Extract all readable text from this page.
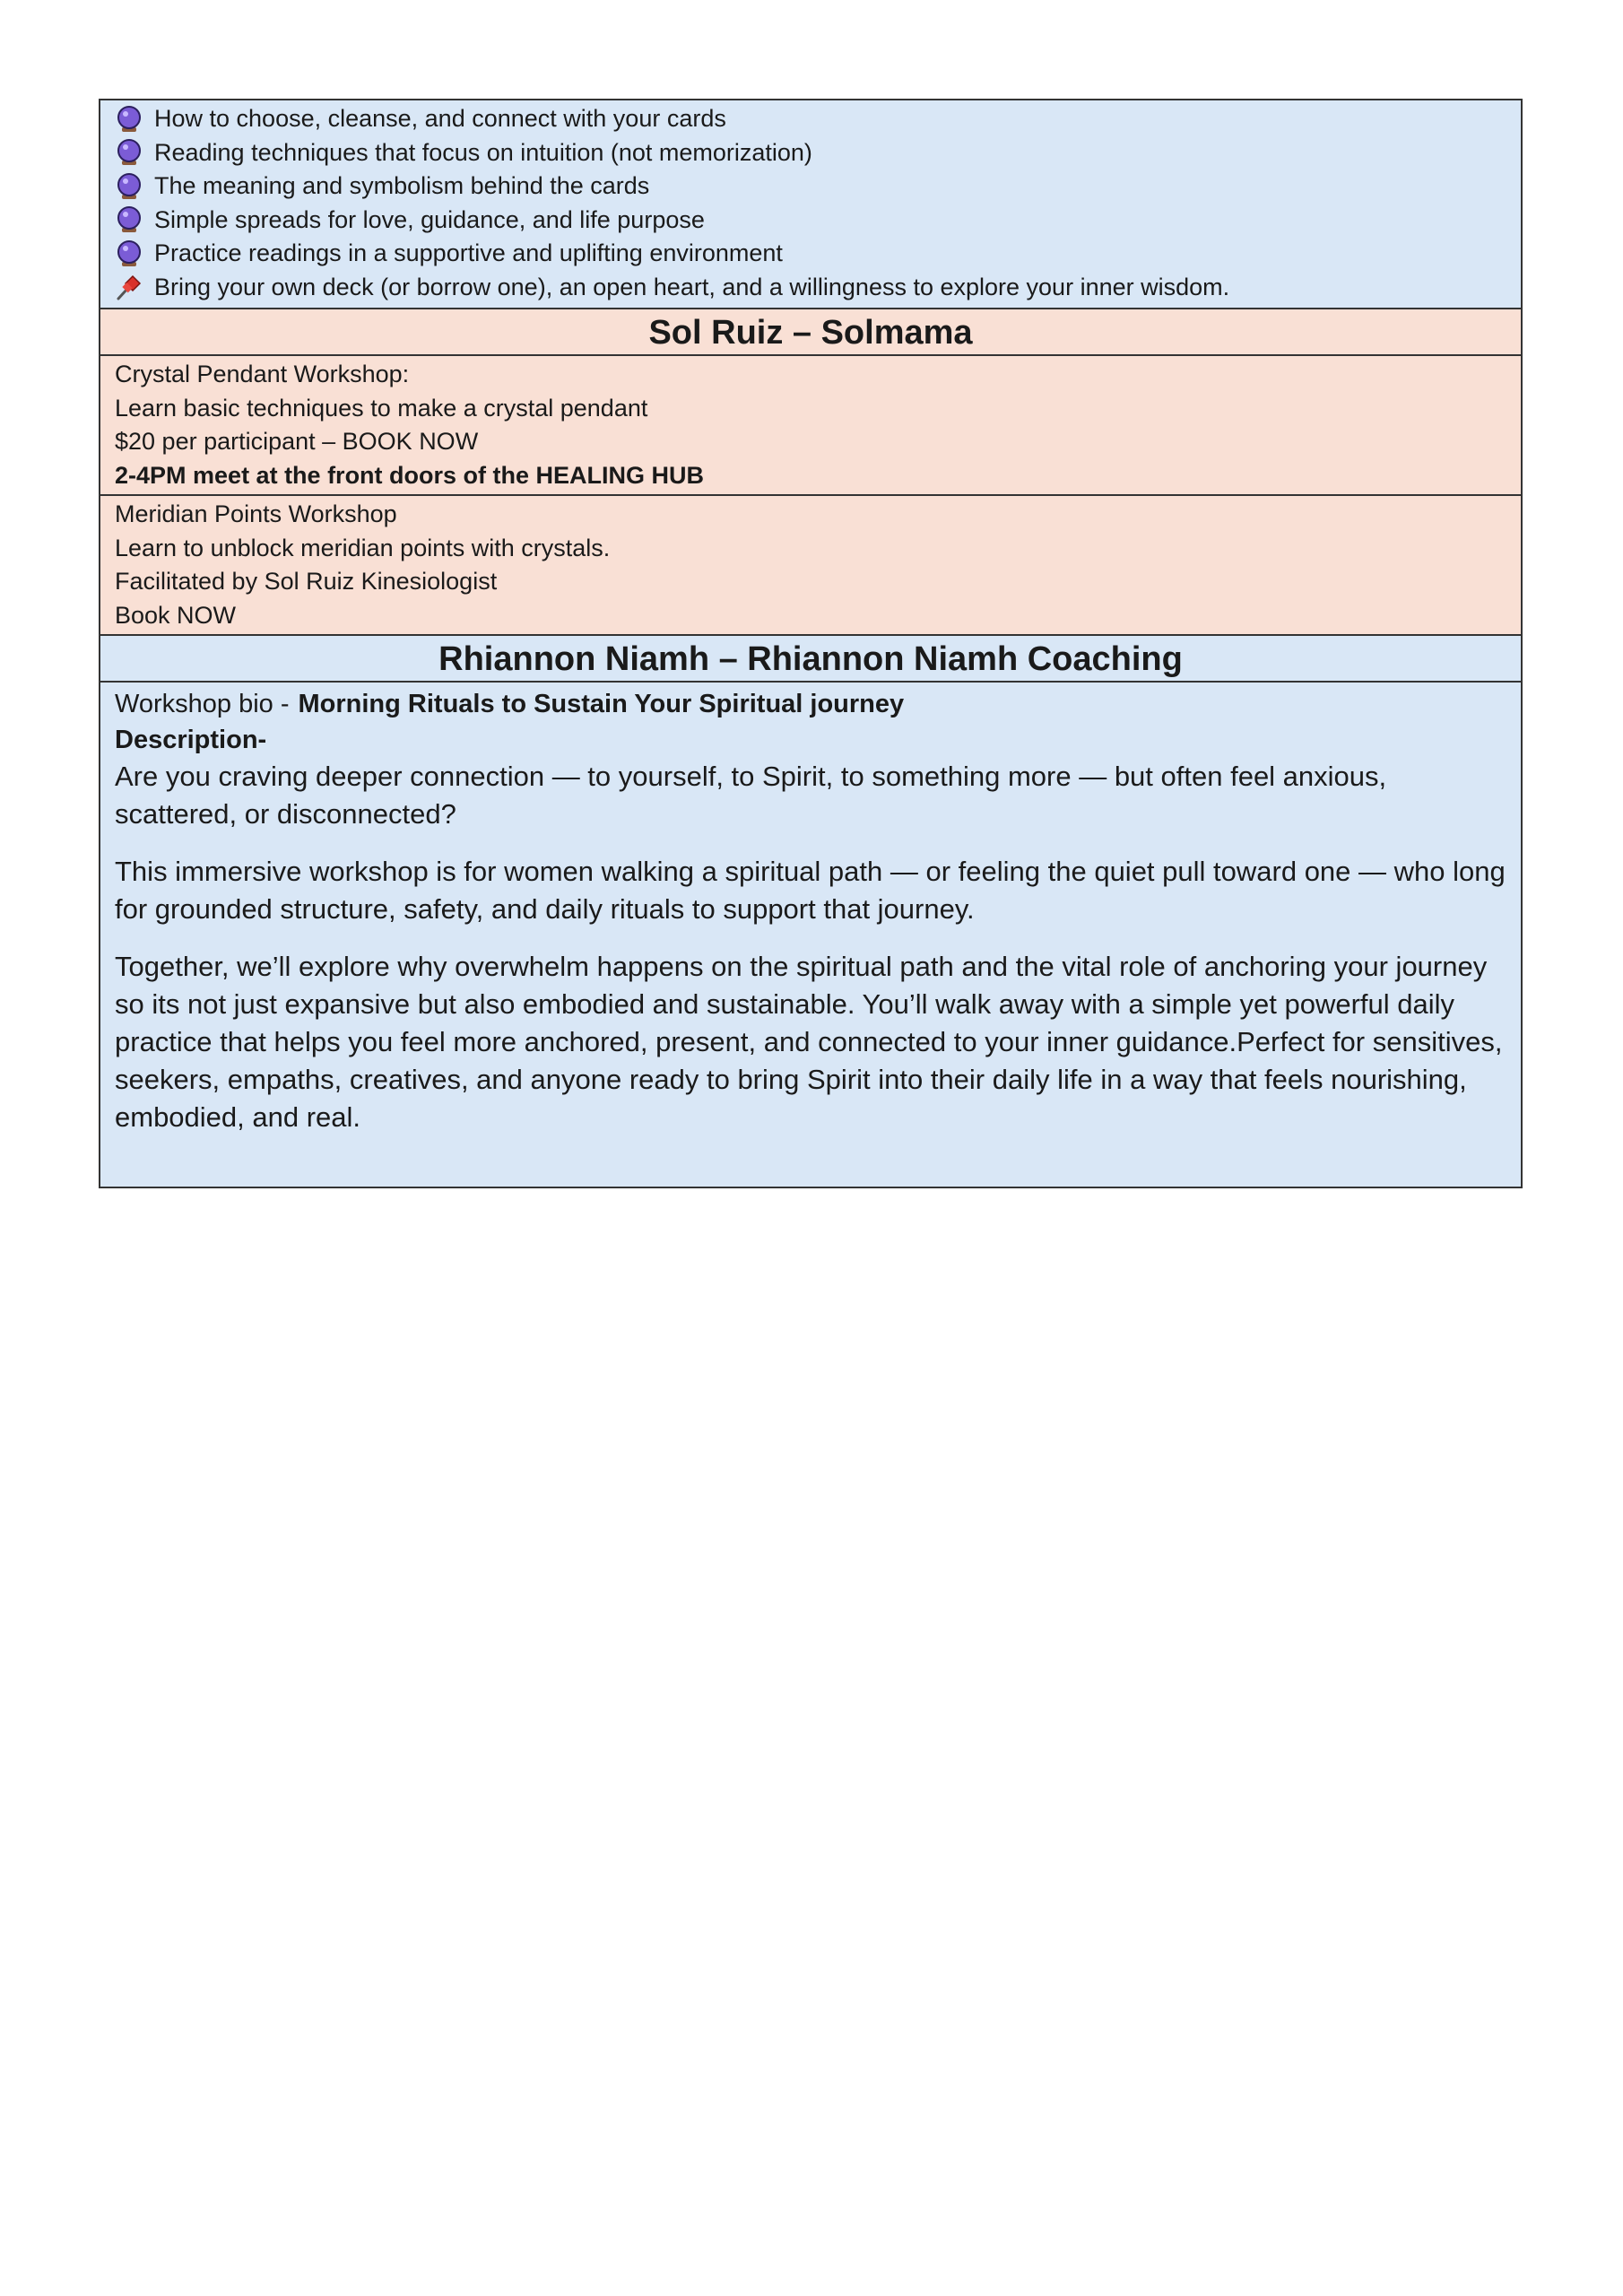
How to choose, cleanse, and connect with your cards
Reading techniques that focus on intuition (not memorization)
The meaning and symbolism behind the cards
Simple spreads for love, guidance, and life purpose
Practice readings in a supportive and uplifting environment
Bring your own deck (or borrow one), an open heart, and a willingness to explore your inner wisdom.
Sol Ruiz – Solmama
Crystal Pendant Workshop:
Learn basic techniques to make a crystal pendant
$20 per participant – BOOK NOW
2-4PM meet at the front doors of the HEALING HUB
Meridian Points Workshop
Learn to unblock meridian points with crystals.
Facilitated by Sol Ruiz Kinesiologist
Book NOW
Rhiannon Niamh – Rhiannon Niamh Coaching
Workshop bio - Morning Rituals to Sustain Your Spiritual journey
Description-

Are you craving deeper connection — to yourself, to Spirit, to something more — but often feel anxious, scattered, or disconnected?

This immersive workshop is for women walking a spiritual path — or feeling the quiet pull toward one — who long for grounded structure, safety, and daily rituals to support that journey.

Together, we’ll explore why overwhelm happens on the spiritual path and the vital role of anchoring your journey so its not just expansive but also embodied and sustainable. You’ll walk away with a simple yet powerful daily practice that helps you feel more anchored, present, and connected to your inner guidance.Perfect for sensitives, seekers, empaths, creatives, and anyone ready to bring Spirit into their daily life in a way that feels nourishing, embodied, and real.
